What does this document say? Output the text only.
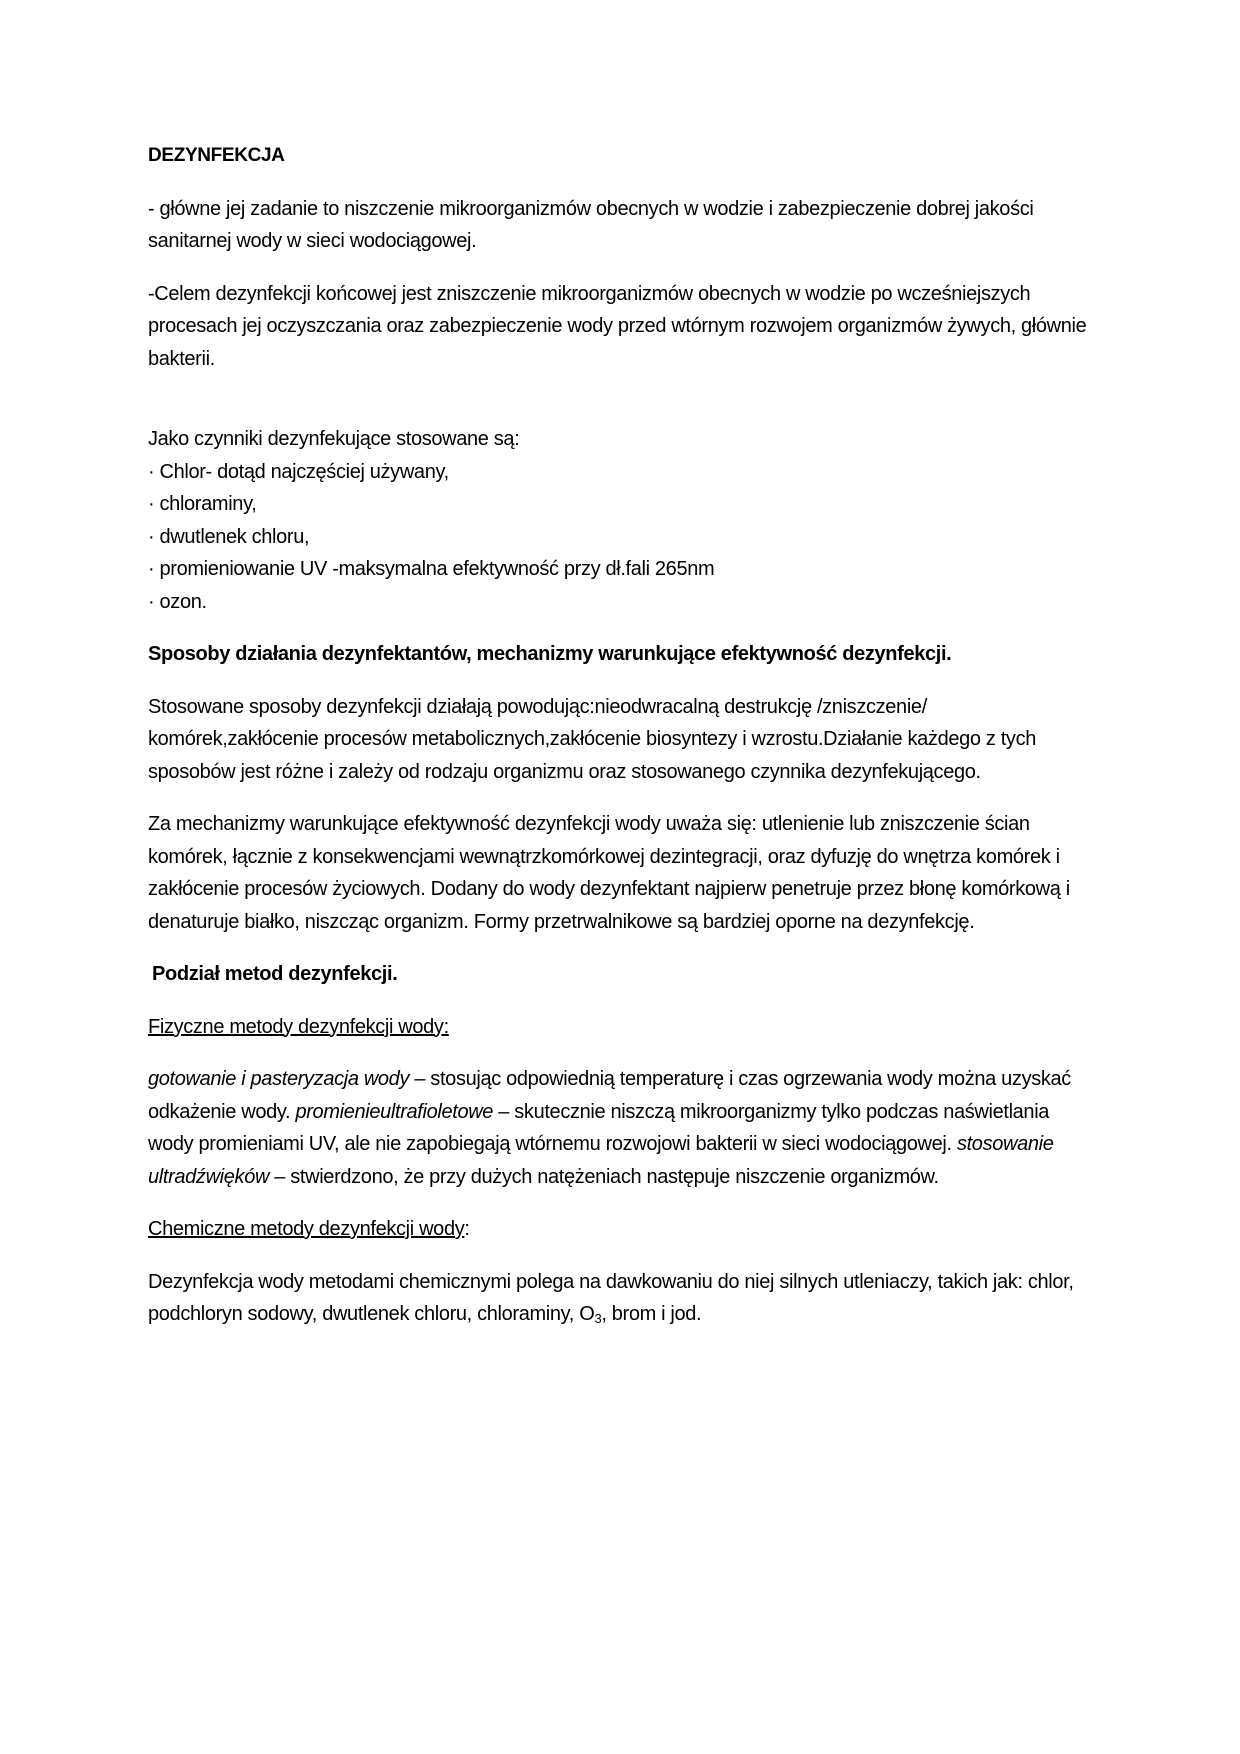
DEZYNFEKCJA

- główne jej zadanie to niszczenie mikroorganizmów obecnych w wodzie i zabezpieczenie dobrej jakości sanitarnej wody w sieci wodociągowej.

-Celem dezynfekcji końcowej jest zniszczenie mikroorganizmów obecnych w wodzie po wcześniejszych procesach jej oczyszczania oraz zabezpieczenie wody przed wtórnym rozwojem organizmów żywych, głównie bakterii.

Jako czynniki dezynfekujące stosowane są:

· Chlor- dotąd najczęściej używany,

· chloraminy,

· dwutlenek chloru,

· promieniowanie UV -maksymalna efektywność przy dł.fali 265nm

· ozon.

Sposoby działania dezynfektantów, mechanizmy warunkujące efektywność dezynfekcji.

Stosowane sposoby dezynfekcji działają powodując:nieodwracalną destrukcję /zniszczenie/ komórek,zakłócenie procesów metabolicznych,zakłócenie biosyntezy i wzrostu.Działanie każdego z tych sposobów jest różne i zależy od rodzaju organizmu oraz stosowanego czynnika dezynfekującego.

Za mechanizmy warunkujące efektywność dezynfekcji wody uważa się: utlenienie lub zniszczenie ścian komórek, łącznie z konsekwencjami wewnątrzkomórkowej dezintegracji, oraz dyfuzję do wnętrza komórek i zakłócenie procesów życiowych. Dodany do wody dezynfektant najpierw penetruje przez błonę komórkową i denaturuje białko, niszcząc organizm. Formy przetrwalnikowe są bardziej oporne na dezynfekcję.

Podział metod dezynfekcji.

Fizyczne metody dezynfekcji wody:

gotowanie i pasteryzacja wody – stosując odpowiednią temperaturę i czas ogrzewania wody można uzyskać odkażenie wody. promienieultrafioletowe – skutecznie niszczą mikroorganizmy tylko podczas naświetlania wody promieniami UV, ale nie zapobiegają wtórnemu rozwojowi bakterii w sieci wodociągowej. stosowanie ultradźwięków – stwierdzono, że przy dużych natężeniach następuje niszczenie organizmów.

Chemiczne metody dezynfekcji wody:

Dezynfekcja wody metodami chemicznymi polega na dawkowaniu do niej silnych utleniaczy, takich jak: chlor, podchloryn sodowy, dwutlenek chloru, chloraminy, $O_3$, brom i jod.
